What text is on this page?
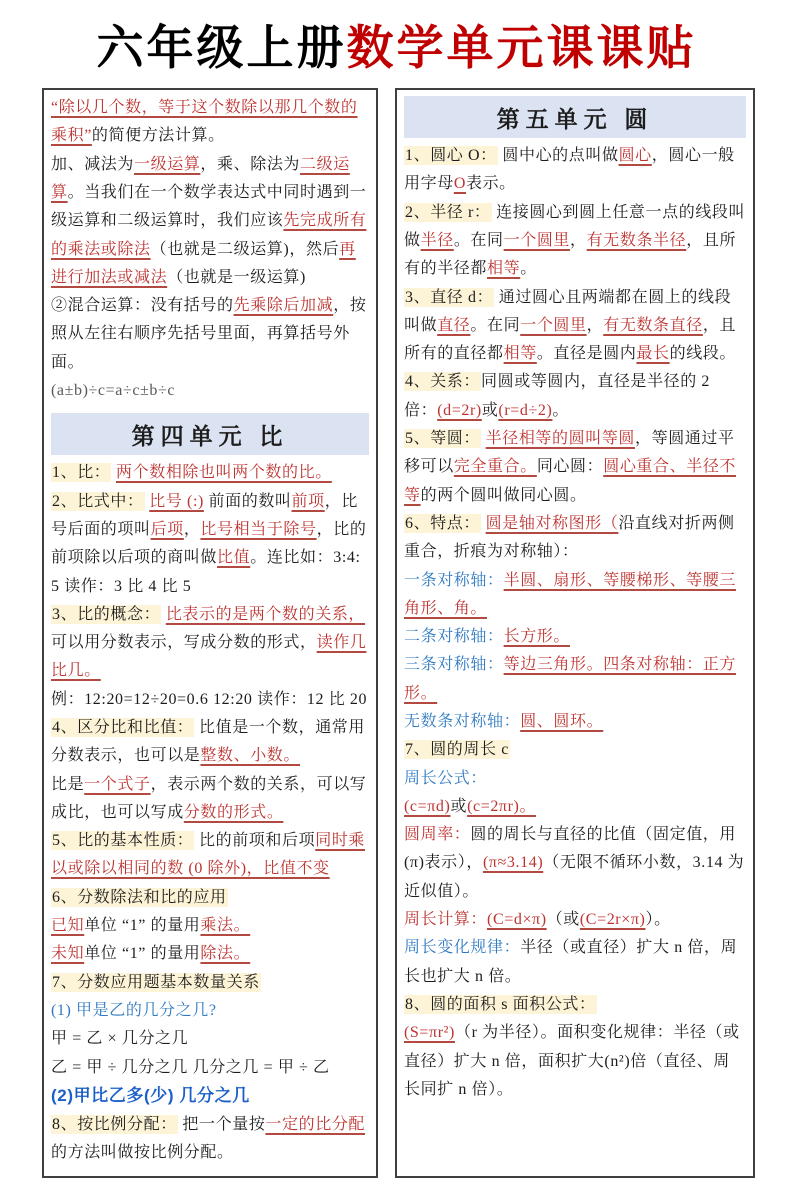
六年级上册数学单元课课贴

“除以几个数，等于这个数除以那几个数的乘积”的简便方法计算。

加、减法为一级运算，乘、除法为二级运算。当我们在一个数学表达式中同时遇到一级运算和二级运算时，我们应该先完成所有的乘法或除法（也就是二级运算)，然后再进行加法或减法（也就是一级运算)

②混合运算：没有括号的先乘除后加减，按照从左往右顺序先括号里面，再算括号外面。

(a±b)÷c=a÷c±b÷c

第四单元 比

1、比： 两个数相除也叫两个数的比。

2、比式中： 比号 (:) 前面的数叫前项，比号后面的项叫后项，比号相当于除号，比的前项除以后项的商叫做比值。连比如：3:4:5 读作：3 比 4 比 5

3、比的概念： 比表示的是两个数的关系，可以用分数表示，写成分数的形式，读作几比几。

例：12:20=12÷20=0.6 12:20 读作：12 比 20

4、区分比和比值： 比值是一个数，通常用分数表示，也可以是整数、小数。

比是一个式子，表示两个数的关系，可以写成比，也可以写成分数的形式。

5、比的基本性质： 比的前项和后项同时乘以或除以相同的数 (0 除外)，比值不变

6、分数除法和比的应用

已知单位 “1” 的量用乘法。

未知单位 “1” 的量用除法。

7、分数应用题基本数量关系

(1) 甲是乙的几分之几?

甲 = 乙 × 几分之几

乙 = 甲 ÷ 几分之几 几分之几 = 甲 ÷ 乙

(2)甲比乙多(少) 几分之几

8、按比例分配： 把一个量按一定的比分配的方法叫做按比例分配。

第五单元 圆

1、圆心 O： 圆中心的点叫做圆心，圆心一般用字母O表示。

2、半径 r： 连接圆心到圆上任意一点的线段叫做半径。在同一个圆里，有无数条半径，且所有的半径都相等。

3、直径 d： 通过圆心且两端都在圆上的线段叫做直径。在同一个圆里，有无数条直径，且所有的直径都相等。直径是圆内最长的线段。

4、关系：同圆或等圆内，直径是半径的 2 倍：(d=2r)或(r=d÷2)。

5、等圆： 半径相等的圆叫等圆，等圆通过平移可以完全重合。同心圆：圆心重合、半径不等的两个圆叫做同心圆。

6、特点： 圆是轴对称图形（沿直线对折两侧重合，折痕为对称轴）：

一条对称轴：半圆、扇形、等腰梯形、等腰三角形、角。

二条对称轴：长方形。

三条对称轴：等边三角形。四条对称轴：正方形。

无数条对称轴：圆、圆环。

7、圆的周长 c

周长公式：

(c=πd)或(c=2πr)。

圆周率：圆的周长与直径的比值（固定值，用(π)表示），(π≈3.14)（无限不循环小数，3.14 为近似值）。

周长计算：(C=d×π)（或(C=2r×π)）。

周长变化规律：半径（或直径）扩大 n 倍，周长也扩大 n 倍。

8、圆的面积 s 面积公式：

(S=πr²)（r 为半径）。面积变化规律：半径（或直径）扩大 n 倍，面积扩大(n²)倍（直径、周长同扩 n 倍）。
